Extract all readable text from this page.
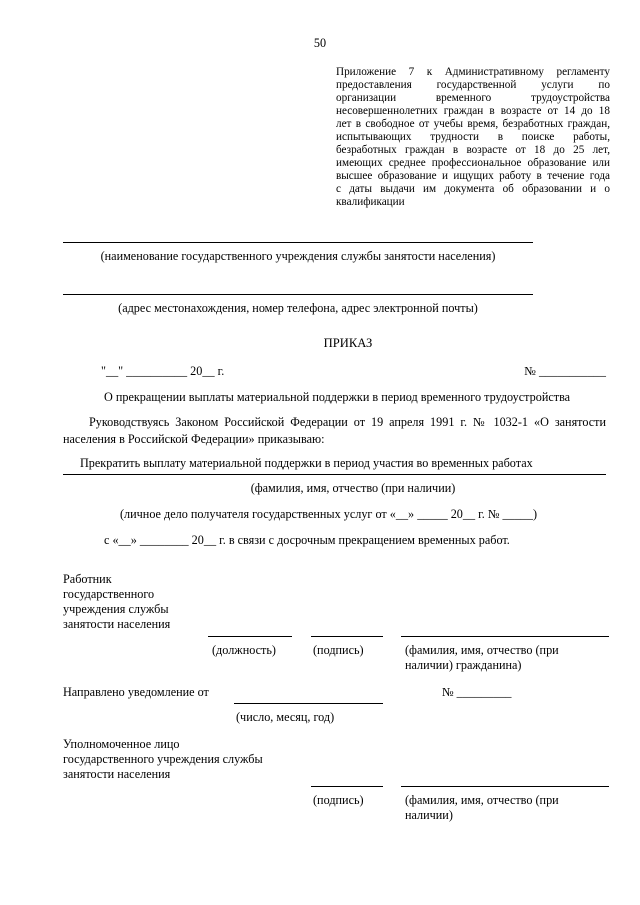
50
Приложение 7 к Административному регламенту
предоставления государственной услуги по
организации временного трудоустройства
несовершеннолетних граждан в возрасте от 14 до 18
лет в свободное от учебы время, безработных граждан,
испытывающих трудности в поиске работы,
безработных граждан в возрасте от 18 до 25 лет,
имеющих среднее профессиональное образование или
высшее образование и ищущих работу в течение года
с даты выдачи им документа об образовании и о
квалификации
(наименование государственного учреждения службы занятости населения)
(адрес местонахождения, номер телефона, адрес электронной почты)
ПРИКАЗ
"__" __________ 20__ г.	№ ___________
О прекращении выплаты материальной поддержки в период временного трудоустройства
Руководствуясь Законом Российской Федерации от 19 апреля 1991 г. № 1032-1 «О занятости
населения в Российской Федерации» приказываю:
Прекратить выплату материальной поддержки в период участия во временных работах
(фамилия, имя, отчество (при наличии)
(личное дело получателя государственных услуг от «__» _____ 20__ г. № _____)
с «__» ________ 20__ г. в связи с досрочным прекращением временных работ.
Работник
государственного
учреждения службы
занятости населения
(должность)	(подпись)	(фамилия, имя, отчество (при
наличии) гражданина)
Направлено уведомление от	№ _________
(число, месяц, год)
Уполномоченное лицо
государственного учреждения службы
занятости населения
(подпись)	(фамилия, имя, отчество (при
наличии)
